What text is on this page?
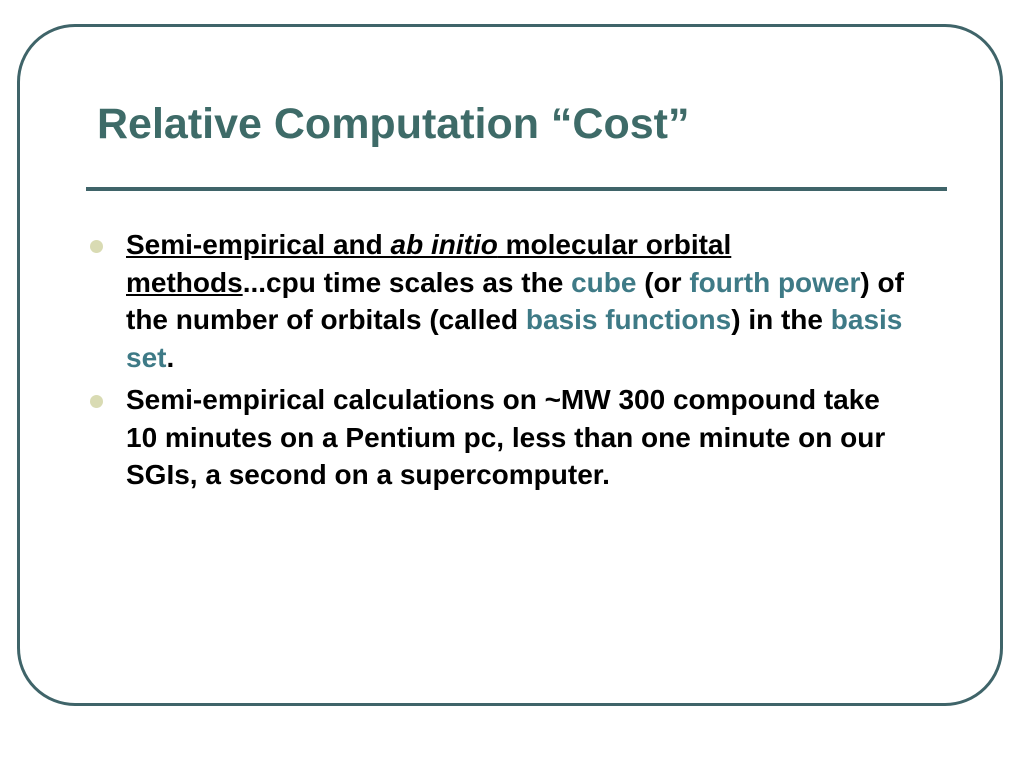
Relative Computation “Cost”
Semi-empirical and ab initio molecular orbital methods...cpu time scales as the cube (or fourth power) of the number of orbitals (called basis functions) in the basis set.
Semi-empirical calculations on ~MW 300 compound take 10 minutes on a Pentium pc, less than one minute on our SGIs, a second on a supercomputer.
